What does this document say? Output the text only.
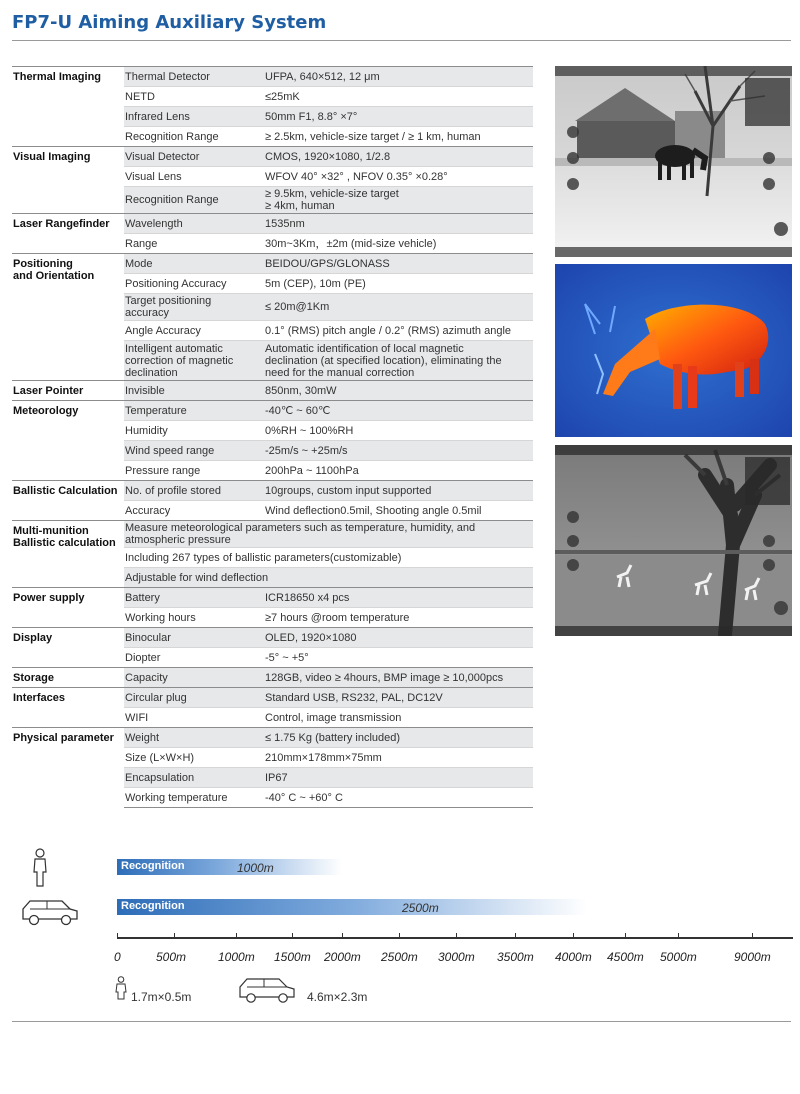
FP7-U Aiming Auxiliary System
Thermal Imaging	Thermal Detector	UFPA, 640×512, 12 μm
	NETD	≤25mK
	Infrared Lens	50mm F1, 8.8° ×7°
	Recognition Range	≥ 2.5km, vehicle-size target / ≥ 1 km, human
Visual Imaging	Visual Detector	CMOS, 1920×1080, 1/2.8
	Visual Lens	WFOV 40° ×32° , NFOV 0.35° ×0.28°
	Recognition Range	≥ 9.5km, vehicle-size target
≥ 4km, human
Laser Rangefinder	Wavelength	1535nm
	Range	30m~3Km，±2m (mid-size vehicle)
Positioning
and Orientation	Mode	BEIDOU/GPS/GLONASS
	Positioning Accuracy	5m (CEP), 10m (PE)
	Target positioning
accuracy	≤ 20m@1Km
	Angle Accuracy	0.1° (RMS) pitch angle / 0.2° (RMS) azimuth angle
	Intelligent automatic
correction of magnetic
declination	Automatic identification of local magnetic
declination (at specified location), eliminating the
need for the manual correction
Laser Pointer	Invisible	850nm, 30mW
Meteorology	Temperature	-40℃ ~ 60℃
	Humidity	0%RH ~ 100%RH
	Wind speed range	-25m/s ~ +25m/s
	Pressure range	200hPa ~ 1100hPa
Ballistic Calculation	No. of profile stored	10groups, custom input supported
	Accuracy	Wind deflection0.5mil, Shooting angle 0.5mil
Multi-munition
Ballistic calculation	Measure meteorological parameters such as temperature, humidity, and
atmospheric pressure	
	Including 267 types of ballistic parameters(customizable)	
	Adjustable for wind deflection	
Power supply	Battery	ICR18650 x4 pcs
	Working hours	≥7 hours @room temperature
Display	Binocular	OLED, 1920×1080
	Diopter	-5° ~ +5°
Storage	Capacity	128GB, video ≥ 4hours, BMP image ≥ 10,000pcs
Interfaces	Circular plug	Standard USB, RS232, PAL, DC12V
	WIFI	Control, image transmission
Physical parameter	Weight	≤ 1.75 Kg (battery included)
	Size (L×W×H)	210mm×178mm×75mm
	Encapsulation	IP67
	Working temperature	-40° C ~ +60° C
Recognition	1000m
Recognition	2500m
0	500m	1000m 1500m 2000m 2500m 3000m 3500m 4000m 4500m 5000m	9000m
1.7m×0.5m	4.6m×2.3m
